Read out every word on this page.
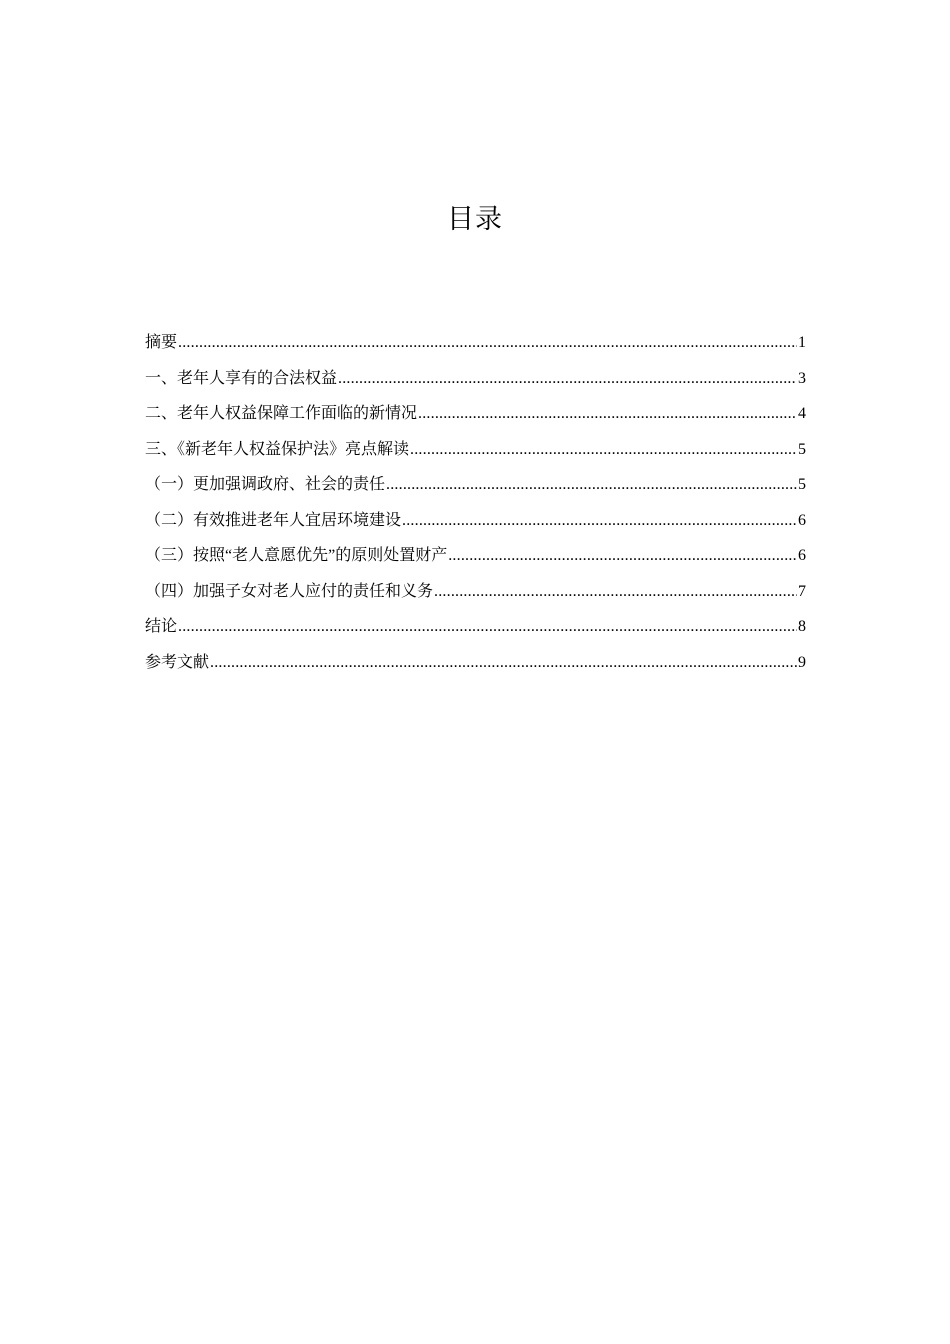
目录
摘要 .....	1
一、老年人享有的合法权益 .....	3
二、老年人权益保障工作面临的新情况 .....	4
三、《新老年人权益保护法》亮点解读 .....	5
（一）更加强调政府、社会的责任 .....	5
（二）有效推进老年人宜居环境建设 .....	6
（三）按照“老人意愿优先”的原则处置财产 .....	6
（四）加强子女对老人应付的责任和义务 .....	7
结论 .....	8
参考文献 .....	9
